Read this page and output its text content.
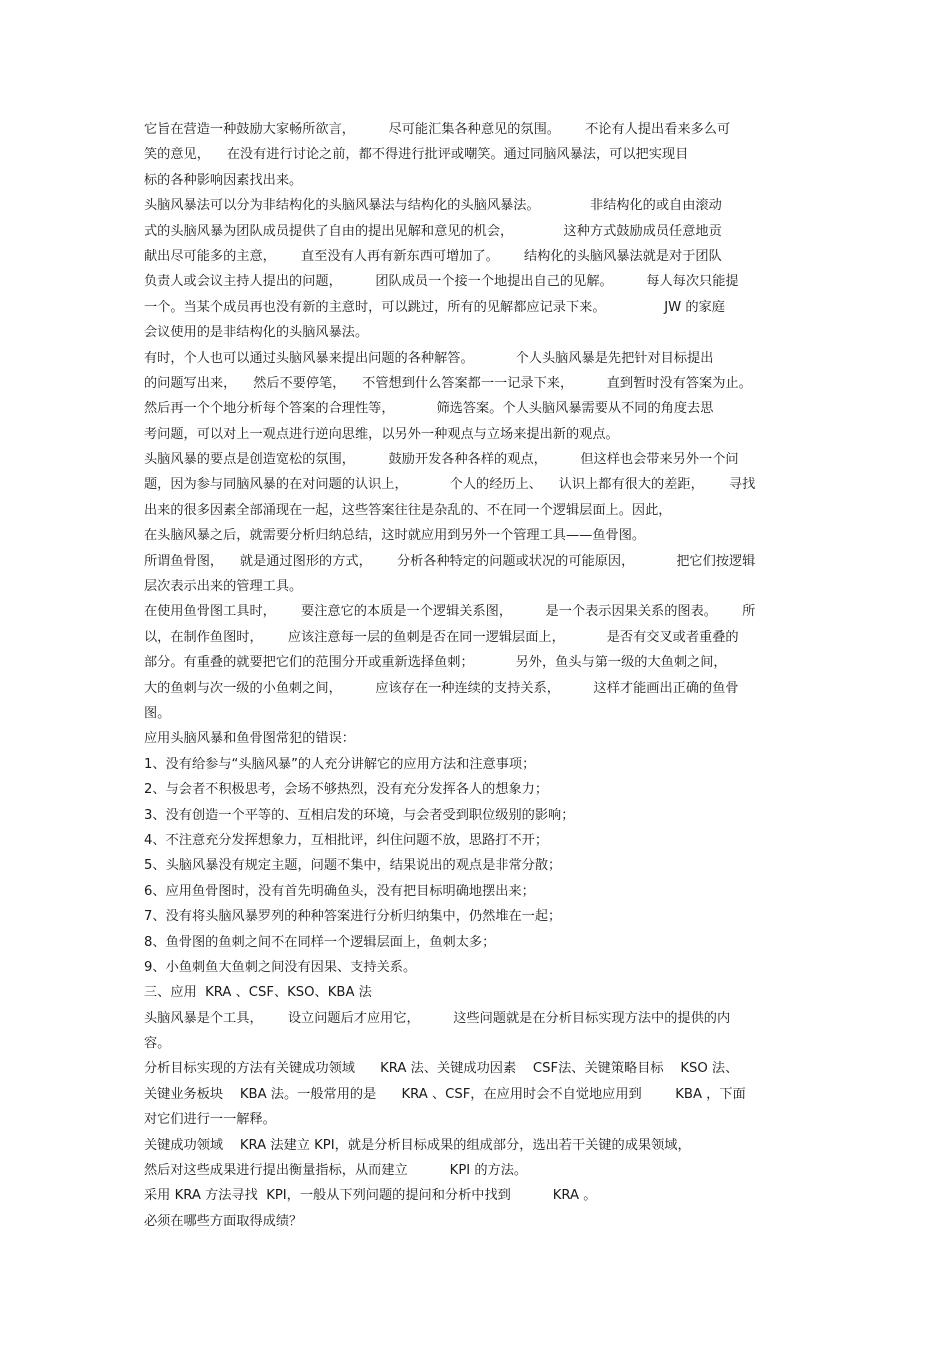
它旨在营造一种鼓励大家畅所欲言，        尽可能汇集各种意见的氛围。      不论有人提出看来多么可
笑的意见，    在没有进行讨论之前，都不得进行批评或嘲笑。通过同脑风暴法，可以把实现目
标的各种影响因素找出来。
头脑风暴法可以分为非结构化的头脑风暴法与结构化的头脑风暴法。            非结构化的或自由滚动
式的头脑风暴为团队成员提供了自由的提出见解和意见的机会，            这种方式鼓励成员任意地贡
献出尽可能多的主意，      直至没有人再有新东西可增加了。      结构化的头脑风暴法就是对于团队
负责人或会议主持人提出的问题，        团队成员一个接一个地提出自己的见解。        每人每次只能提
一个。当某个成员再也没有新的主意时，可以跳过，所有的见解都应记录下来。              JW 的家庭
会议使用的是非结构化的头脑风暴法。
有时，个人也可以通过头脑风暴来提出问题的各种解答。          个人头脑风暴是先把针对目标提出
的问题写出来，    然后不要停笔，    不管想到什么答案都一一记录下来，        直到暂时没有答案为止。
然后再一个个地分析每个答案的合理性等，          筛选答案。个人头脑风暴需要从不同的角度去思
考问题，可以对上一观点进行逆向思维，以另外一种观点与立场来提出新的观点。
头脑风暴的要点是创造宽松的氛围，        鼓励开发各种各样的观点，        但这样也会带来另外一个问
题，因为参与同脑风暴的在对问题的认识上，          个人的经历上、    认识上都有很大的差距，      寻找
出来的很多因素全部涌现在一起，这些答案往往是杂乱的、不在同一个逻辑层面上。因此，
在头脑风暴之后，就需要分析归纳总结，这时就应用到另外一个管理工具——鱼骨图。
所谓鱼骨图，    就是通过图形的方式，      分析各种特定的问题或状况的可能原因，          把它们按逻辑
层次表示出来的管理工具。
在使用鱼骨图工具时，      要注意它的本质是一个逻辑关系图，        是一个表示因果关系的图表。      所
以，在制作鱼图时，      应该注意每一层的鱼刺是否在同一逻辑层面上，          是否有交叉或者重叠的
部分。有重叠的就要把它们的范围分开或重新选择鱼刺；          另外，鱼头与第一级的大鱼刺之间，
大的鱼刺与次一级的小鱼刺之间，        应该存在一种连续的支持关系，        这样才能画出正确的鱼骨
图。
应用头脑风暴和鱼骨图常犯的错误：
1、没有给参与“头脑风暴”的人充分讲解它的应用方法和注意事项；
2、与会者不积极思考，会场不够热烈，没有充分发挥各人的想象力；
3、没有创造一个平等的、互相启发的环境，与会者受到职位级别的影响；
4、不注意充分发挥想象力，互相批评，纠住问题不放，思路打不开；
5、头脑风暴没有规定主题，问题不集中，结果说出的观点是非常分散；
6、应用鱼骨图时，没有首先明确鱼头，没有把目标明确地摆出来；
7、没有将头脑风暴罗列的种种答案进行分析归纳集中，仍然堆在一起；
8、鱼骨图的鱼刺之间不在同样一个逻辑层面上，鱼刺太多；
9、小鱼刺鱼大鱼刺之间没有因果、支持关系。
三、应用  KRA 、CSF、KSO、KBA 法
头脑风暴是个工具，      设立问题后才应用它，        这些问题就是在分析目标实现方法中的提供的内
容。
分析目标实现的方法有关键成功领域      KRA 法、关键成功因素    CSF法、关键策略目标    KSO 法、
关键业务板块    KBA 法。一般常用的是      KRA 、CSF，在应用时会不自觉地应用到        KBA ，下面
对它们进行一一解释。
关键成功领域    KRA 法建立 KPI，就是分析目标成果的组成部分，选出若干关键的成果领域，
然后对这些成果进行提出衡量指标，从而建立          KPI 的方法。
采用 KRA 方法寻找  KPI，一般从下列问题的提问和分析中找到          KRA 。
必须在哪些方面取得成绩？
